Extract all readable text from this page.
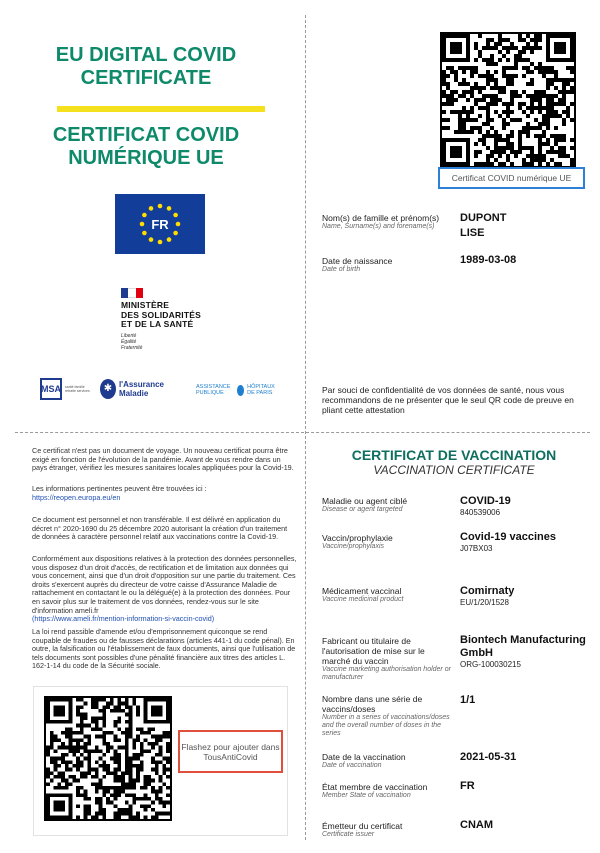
EU DIGITAL COVID CERTIFICATE
CERTIFICAT COVID NUMÉRIQUE UE
FR
MINISTÈRE
DES SOLIDARITÉS
ET DE LA SANTÉ
Liberté
Égalité
Fraternité
MSA santé famille retraite services	✱ l'Assurance Maladie
ASSISTANCE PUBLIQUE
HÔPITAUX DE PARIS
Certificat COVID numérique UE
Nom(s) de famille et prénom(s)
Name, Surname(s) and forename(s)
DUPONT
LISE
Date de naissance
Date of birth
1989-03-08
Par souci de confidentialité de vos données de santé, nous vous recommandons de ne présenter que le seul QR code de preuve en pliant cette attestation
Ce certificat n'est pas un document de voyage. Un nouveau certificat pourra être exigé en fonction de l'évolution de la pandémie. Avant de vous rendre dans un pays étranger, vérifiez les mesures sanitaires locales appliquées pour la Covid-19.
Les informations pertinentes peuvent être trouvées ici :
https://reopen.europa.eu/en
Ce document est personnel et non transférable. Il est délivré en application du décret n° 2020-1690 du 25 décembre 2020 autorisant la création d'un traitement de données à caractère personnel relatif aux vaccinations contre la Covid-19.
Conformément aux dispositions relatives à la protection des données personnelles, vous disposez d'un droit d'accès, de rectification et de limitation aux données qui vous concernent, ainsi que d'un droit d'opposition sur une partie du traitement. Ces droits s'exercent auprès du directeur de votre caisse d'Assurance Maladie de rattachement en contactant le ou la délégué(e) à la protection des données. Pour en savoir plus sur le traitement de vos données, rendez-vous sur le site d'information ameli.fr
(https://www.ameli.fr/mention-information-si-vaccin-covid)
La loi rend passible d'amende et/ou d'emprisonnement quiconque se rend coupable de fraudes ou de fausses déclarations (articles 441-1 du code pénal). En outre, la falsification ou l'établissement de faux documents, ainsi que l'utilisation de tels documents sont possibles d'une pénalité financière aux titres des articles L. 162-1-14 du code de la Sécurité sociale.
Flashez pour ajouter dans TousAntiCovid
CERTIFICAT DE VACCINATION
VACCINATION CERTIFICATE
Maladie ou agent ciblé
Disease or agent targeted
COVID-19
840539006
Vaccin/prophylaxie
Vaccine/prophylaxis
Covid-19 vaccines
J07BX03
Médicament vaccinal
Vaccine medicinal product
Comirnaty
EU/1/20/1528
Fabricant ou titulaire de l'autorisation de mise sur le marché du vaccin
Vaccine marketing authorisation holder or manufacturer
Biontech Manufacturing GmbH
ORG-100030215
Nombre dans une série de vaccins/doses
Number in a series of vaccinations/doses and the overall number of doses in the series
1/1
Date de la vaccination
Date of vaccination
2021-05-31
État membre de vaccination
Member State of vaccination
FR
Émetteur du certificat
Certificate issuer
CNAM
